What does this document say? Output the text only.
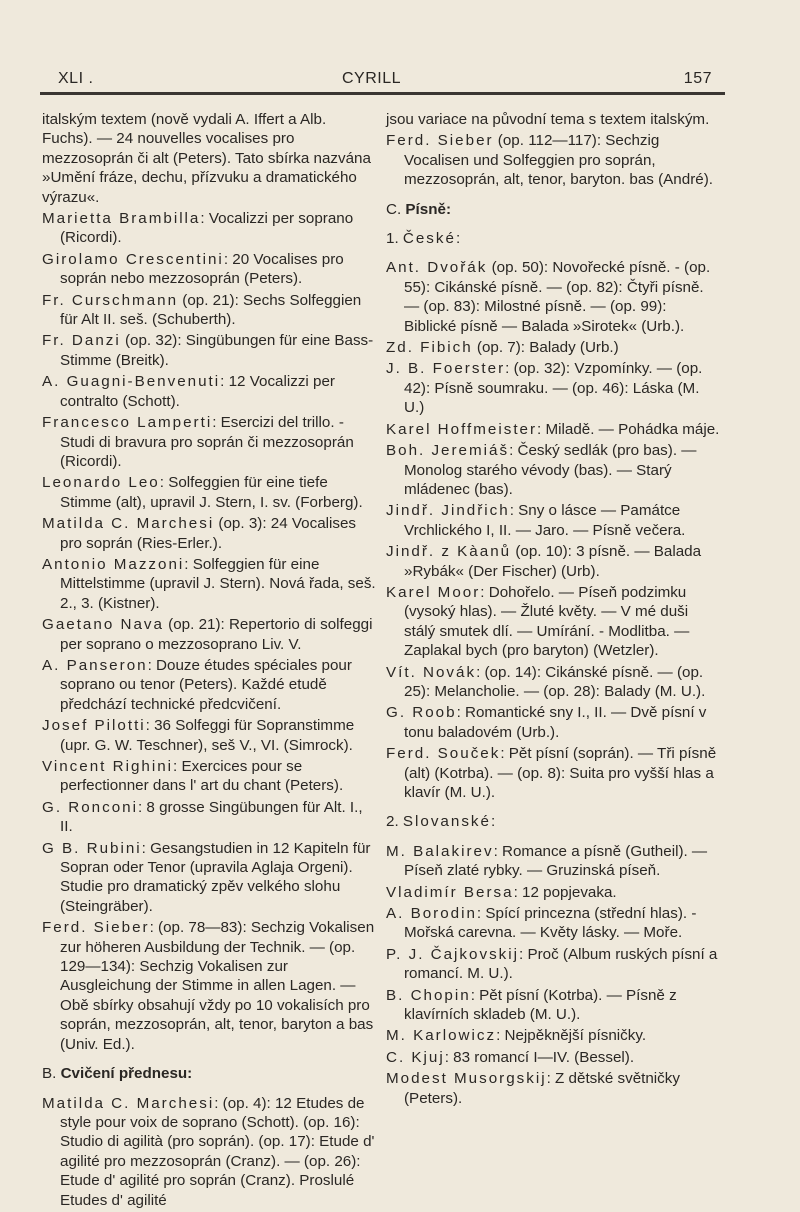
XLI .	CYRILL	157
italským textem (nově vydali A. Iffert a Alb. Fuchs). — 24 nouvelles vocalises pro mezzosoprán či alt (Peters). Tato sbírka nazvána »Umění fráze, dechu, přízvuku a dramatického výrazu«.
Marietta Brambilla: Vocalizzi per soprano (Ricordi).
Girolamo Crescentini: 20 Vocalises pro soprán nebo mezzosoprán (Peters).
Fr. Curschmann (op. 21): Sechs Solfeggien für Alt II. seš. (Schuberth).
Fr. Danzi (op. 32): Singübungen für eine Bass-Stimme (Breitk).
A. Guagni-Benvenuti: 12 Vocalizzi per contralto (Schott).
Francesco Lamperti: Esercizi del trillo. - Studi di bravura pro soprán či mezzosoprán (Ricordi).
Leonardo Leo: Solfeggien für eine tiefe Stimme (alt), upravil J. Stern, I. sv. (Forberg).
Matilda C. Marchesi (op. 3): 24 Vocalises pro soprán (Ries-Erler.).
Antonio Mazzoni: Solfeggien für eine Mittelstimme (upravil J. Stern). Nová řada, seš. 2., 3. (Kistner).
Gaetano Nava (op. 21): Repertorio di solfeggi per soprano o mezzosoprano Liv. V.
A. Panseron: Douze études spéciales pour soprano ou tenor (Peters). Každé etudě předchází technické předcvičení.
Josef Pilotti: 36 Solfeggi für Sopranstimme (upr. G. W. Teschner), seš V., VI. (Simrock).
Vincent Righini: Exercices pour se perfectionner dans l' art du chant (Peters).
G. Ronconi: 8 grosse Singübungen für Alt. I., II.
G B. Rubini: Gesangstudien in 12 Kapiteln für Sopran oder Tenor (upravila Aglaja Orgeni). Studie pro dramatický zpěv velkého slohu (Steingräber).
Ferd. Sieber: (op. 78—83): Sechzig Vokalisen zur höheren Ausbildung der Technik. — (op. 129—134): Sechzig Vokalisen zur Ausgleichung der Stimme in allen Lagen. — Obě sbírky obsahují vždy po 10 vokalisích pro soprán, mezzosoprán, alt, tenor, baryton a bas (Univ. Ed.).
B. Cvičení přednesu:
Matilda C. Marchesi: (op. 4): 12 Etudes de style pour voix de soprano (Schott). (op. 16): Studio di agilità (pro soprán). (op. 17): Etude d' agilité pro mezzosoprán (Cranz). — (op. 26): Etude d' agilité pro soprán (Cranz). Proslulé Etudes d' agilité
jsou variace na původní tema s textem italským.
Ferd. Sieber (op. 112—117): Sechzig Vocalisen und Solfeggien pro soprán, mezzosoprán, alt, tenor, baryton. bas (André).
C. Písně:
1. České:
Ant. Dvořák (op. 50): Novořecké písně. - (op. 55): Cikánské písně. — (op. 82): Čtyři písně. — (op. 83): Milostné písně. — (op. 99): Biblické písně — Balada »Sirotek« (Urb.).
Zd. Fibich (op. 7): Balady (Urb.)
J. B. Foerster: (op. 32): Vzpomínky. — (op. 42): Písně soumraku. — (op. 46): Láska (M. U.)
Karel Hoffmeister: Miladě. — Pohádka máje.
Boh. Jeremiáš: Český sedlák (pro bas). — Monolog starého vévody (bas). — Starý mládenec (bas).
Jindř. Jindřich: Sny o lásce — Památce Vrchlického I, II. — Jaro. — Písně večera.
Jindř. z Kàanů (op. 10): 3 písně. — Balada »Rybák« (Der Fischer) (Urb).
Karel Moor: Dohořelo. — Píseň podzimku (vysoký hlas). — Žluté květy. — V mé duši stálý smutek dlí. — Umírání. - Modlitba. — Zaplakal bych (pro baryton) (Wetzler).
Vít. Novák: (op. 14): Cikánské písně. — (op. 25): Melancholie. — (op. 28): Balady (M. U.).
G. Roob: Romantické sny I., II. — Dvě písní v tonu baladovém (Urb.).
Ferd. Souček: Pět písní (soprán). — Tři písně (alt) (Kotrba). — (op. 8): Suita pro vyšší hlas a klavír (M. U.).
2. Slovanské:
M. Balakirev: Romance a písně (Gutheil). — Píseň zlaté rybky. — Gruzinská píseň.
Vladimír Bersa: 12 popjevaka.
A. Borodin: Spící princezna (střední hlas). - Mořská carevna. — Květy lásky. — Moře.
P. J. Čajkovskij: Proč (Album ruských písní a romancí. M. U.).
B. Chopin: Pět písní (Kotrba). — Písně z klavírních skladeb (M. U.).
M. Karlowicz: Nejpěknější písničky.
C. Kjuj: 83 romancí I—IV. (Bessel).
Modest Musorgskij: Z dětské světničky (Peters).
